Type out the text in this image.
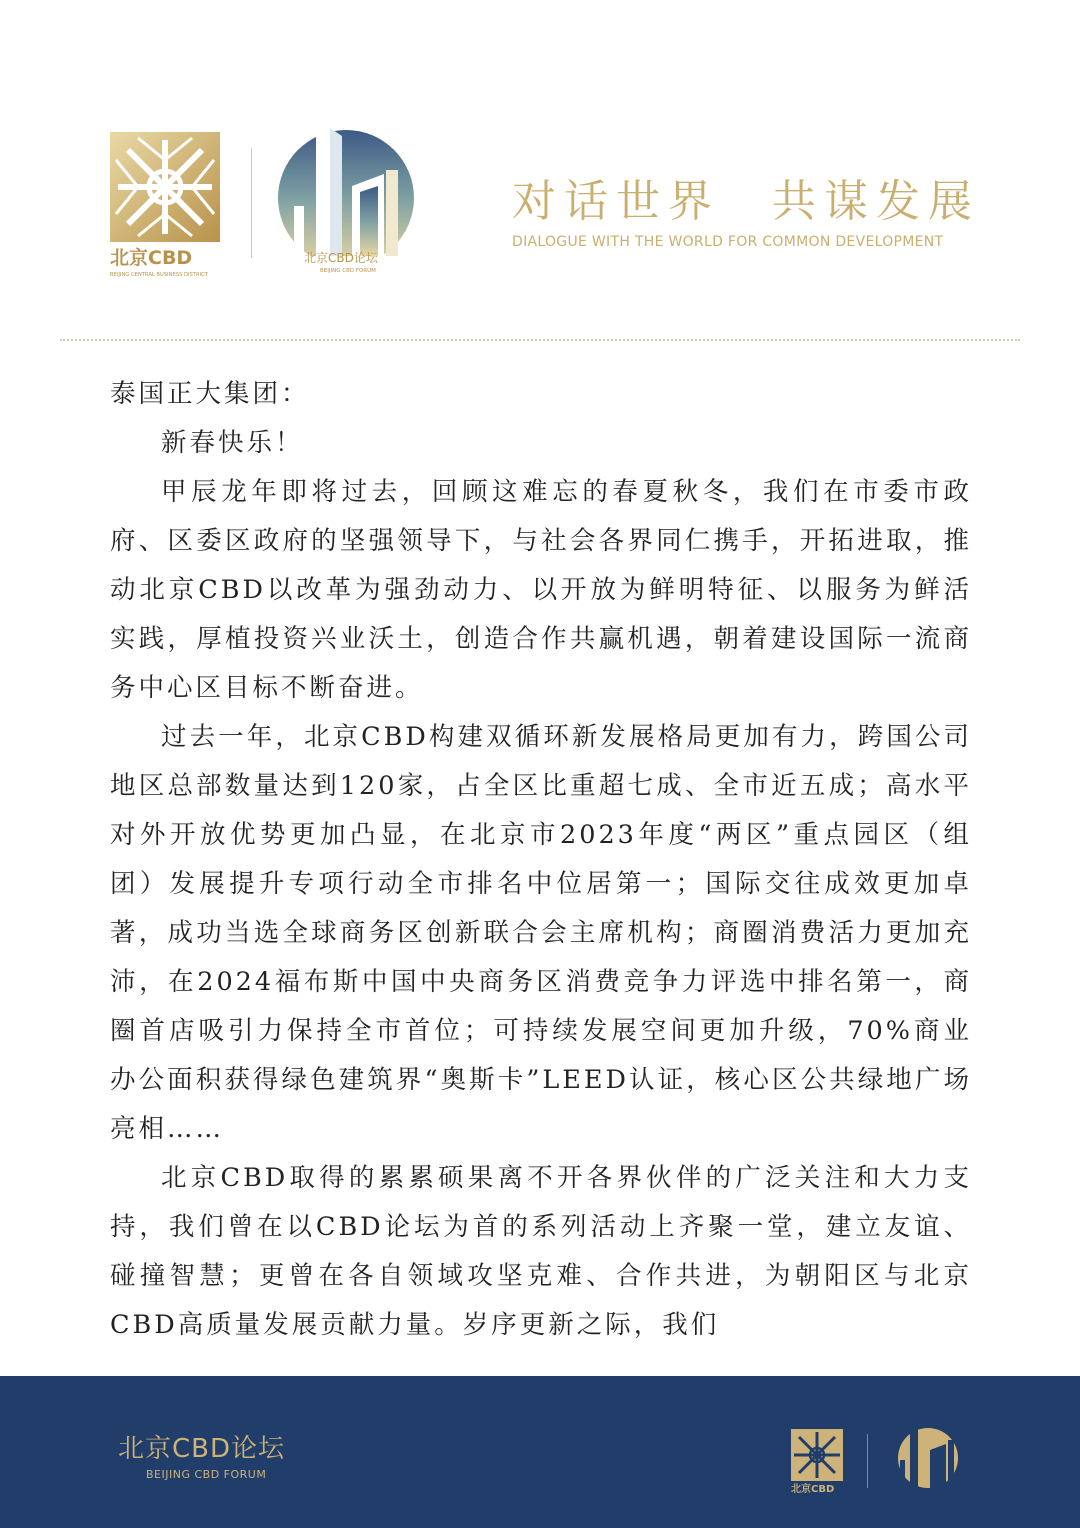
北京CBD
BEIJING CENTRAL BUSINESS DISTRICT
北京CBD论坛
BEIJING CBD FORUM
对话世界　共谋发展
DIALOGUE WITH THE WORLD FOR COMMON DEVELOPMENT

泰国正大集团：

新春快乐！

甲辰龙年即将过去，回顾这难忘的春夏秋冬，我们在市委市政府、区委区政府的坚强领导下，与社会各界同仁携手，开拓进取，推动北京CBD以改革为强劲动力、以开放为鲜明特征、以服务为鲜活实践，厚植投资兴业沃土，创造合作共赢机遇，朝着建设国际一流商务中心区目标不断奋进。

过去一年，北京CBD构建双循环新发展格局更加有力，跨国公司地区总部数量达到120家，占全区比重超七成、全市近五成；高水平对外开放优势更加凸显，在北京市2023年度“两区”重点园区（组团）发展提升专项行动全市排名中位居第一；国际交往成效更加卓著，成功当选全球商务区创新联合会主席机构；商圈消费活力更加充沛，在2024福布斯中国中央商务区消费竞争力评选中排名第一，商圈首店吸引力保持全市首位；可持续发展空间更加升级，70%商业办公面积获得绿色建筑界“奥斯卡”LEED认证，核心区公共绿地广场亮相……

北京CBD取得的累累硕果离不开各界伙伴的广泛关注和大力支持，我们曾在以CBD论坛为首的系列活动上齐聚一堂，建立友谊、碰撞智慧；更曾在各自领域攻坚克难、合作共进，为朝阳区与北京CBD高质量发展贡献力量。岁序更新之际，我们

北京CBD论坛
BEIJING CBD FORUM
北京CBD
